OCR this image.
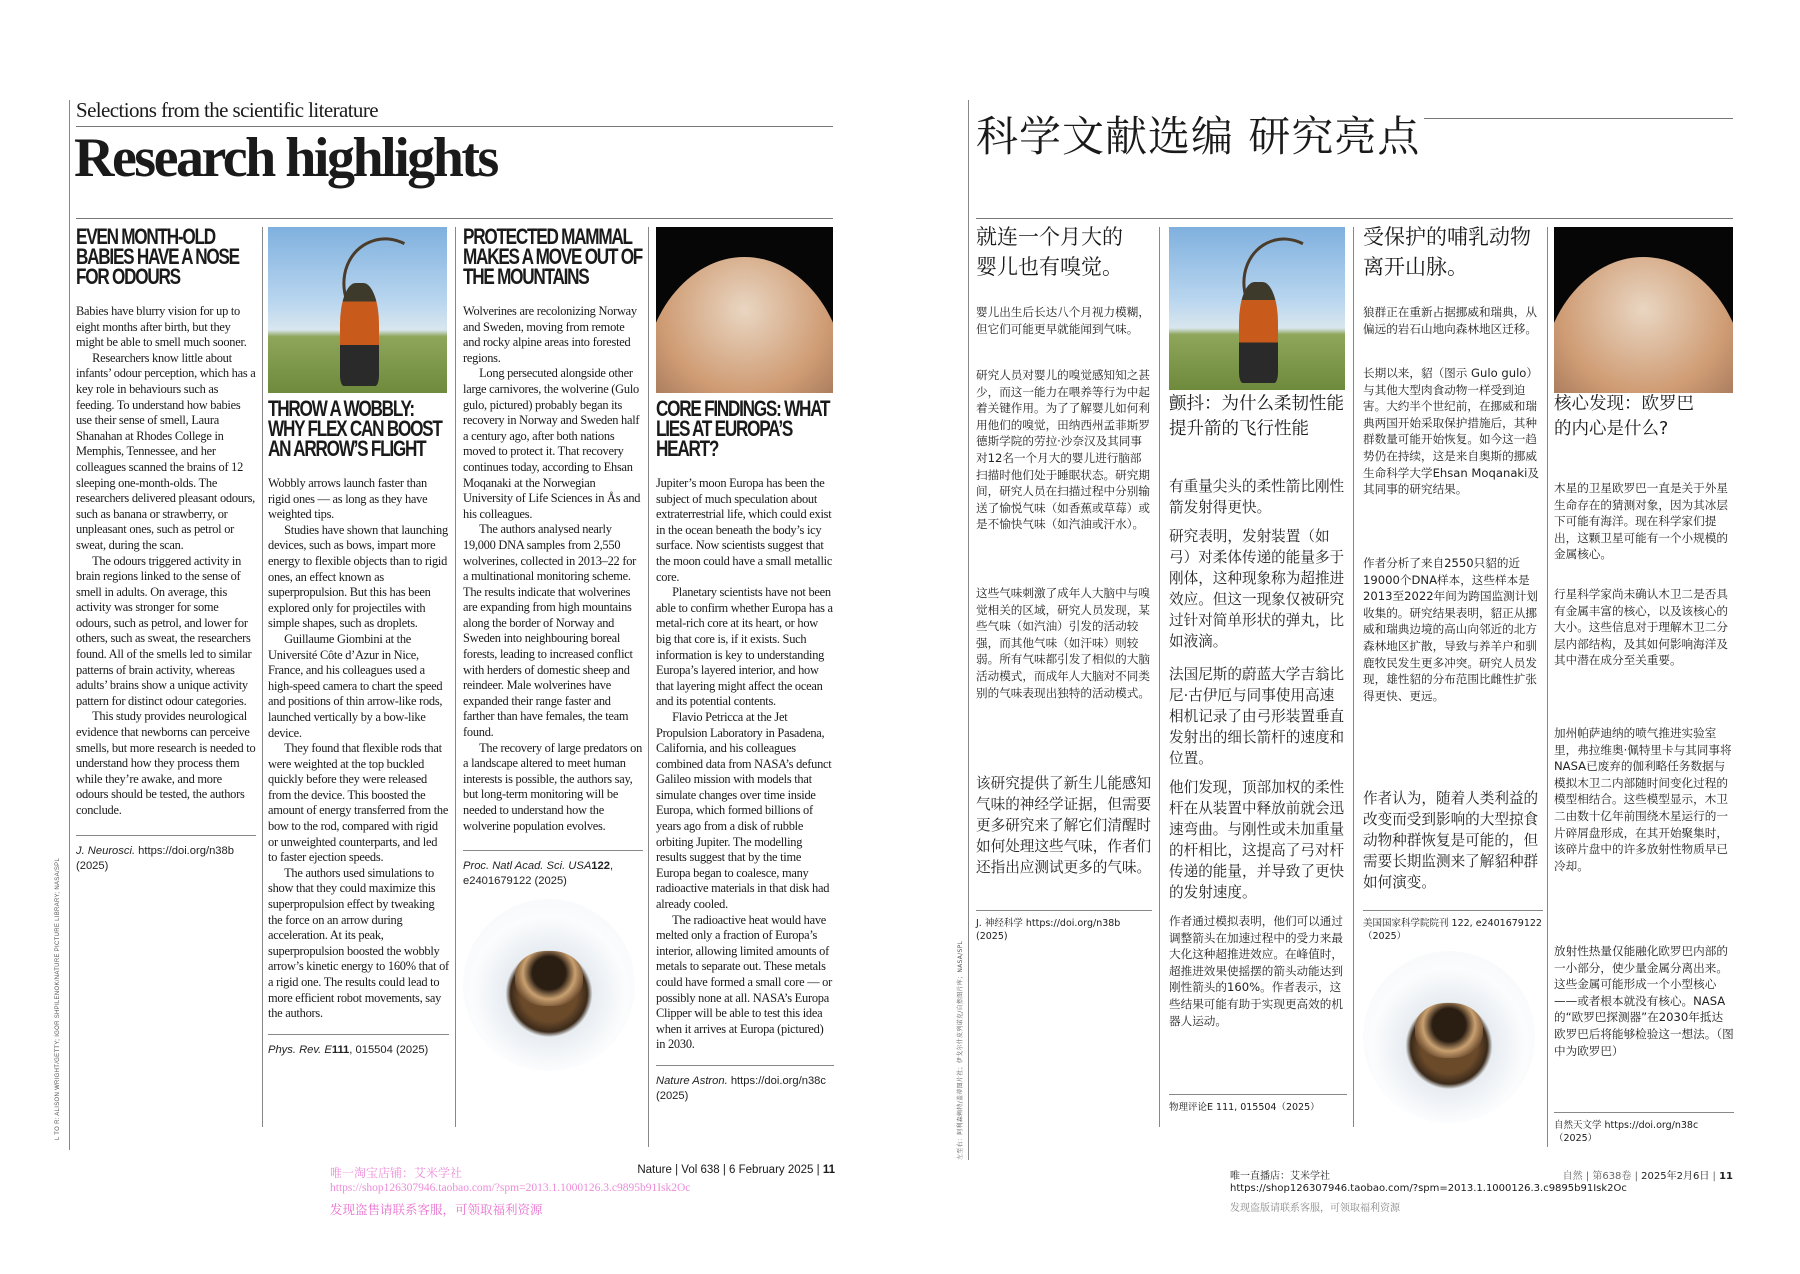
Selections from the scientific literature
Research highlights
L TO R: ALISON WRIGHT/GETTY; IGOR SHPILENOK/NATURE PICTURE LIBRARY; NASA/SPL
EVEN MONTH-OLD BABIES HAVE A NOSE FOR ODOURS

Babies have blurry vision for up to eight months after birth, but they might be able to smell much sooner.

Researchers know little about infants’ odour perception, which has a key role in behaviours such as feeding. To understand how babies use their sense of smell, Laura Shanahan at Rhodes College in Memphis, Tennessee, and her colleagues scanned the brains of 12 sleeping one-month-olds. The researchers delivered pleasant odours, such as banana or strawberry, or unpleasant ones, such as petrol or sweat, during the scan.

The odours triggered activity in brain regions linked to the sense of smell in adults. On average, this activity was stronger for some odours, such as petrol, and lower for others, such as sweat, the researchers found. All of the smells led to similar patterns of brain activity, whereas adults’ brains show a unique activity pattern for distinct odour categories.

This study provides neurological evidence that newborns can perceive smells, but more research is needed to understand how they process them while they’re awake, and more odours should be tested, the authors conclude.

J. Neurosci. https://doi.org/n38b (2025)
THROW A WOBBLY: WHY FLEX CAN BOOST AN ARROW’S FLIGHT

Wobbly arrows launch faster than rigid ones — as long as they have weighted tips.

Studies have shown that launching devices, such as bows, impart more energy to flexible objects than to rigid ones, an effect known as superpropulsion. But this has been explored only for projectiles with simple shapes, such as droplets.

Guillaume Giombini at the Université Côte d’Azur in Nice, France, and his colleagues used a high-speed camera to chart the speed and positions of thin arrow-like rods, launched vertically by a bow-like device.

They found that flexible rods that were weighted at the top buckled quickly before they were released from the device. This boosted the amount of energy transferred from the bow to the rod, compared with rigid or unweighted counterparts, and led to faster ejection speeds.

The authors used simulations to show that they could maximize this superpropulsion effect by tweaking the force on an arrow during acceleration. At its peak, superpropulsion boosted the wobbly arrow’s kinetic energy to 160% that of a rigid one. The results could lead to more efficient robot movements, say the authors.

Phys. Rev. E111, 015504 (2025)
PROTECTED MAMMAL MAKES A MOVE OUT OF THE MOUNTAINS

Wolverines are recolonizing Norway and Sweden, moving from remote and rocky alpine areas into forested regions.

Long persecuted alongside other large carnivores, the wolverine (Gulo gulo, pictured) probably began its recovery in Norway and Sweden half a century ago, after both nations moved to protect it. That recovery continues today, according to Ehsan Moqanaki at the Norwegian University of Life Sciences in Ås and his colleagues.

The authors analysed nearly 19,000 DNA samples from 2,550 wolverines, collected in 2013–22 for a multinational monitoring scheme. The results indicate that wolverines are expanding from high mountains along the border of Norway and Sweden into neighbouring boreal forests, leading to increased conflict with herders of domestic sheep and reindeer. Male wolverines have expanded their range faster and farther than have females, the team found.

The recovery of large predators on a landscape altered to meet human interests is possible, the authors say, but long-term monitoring will be needed to understand how the wolverine population evolves.

Proc. Natl Acad. Sci. USA122, e2401679122 (2025)
CORE FINDINGS: WHAT LIES AT EUROPA’S HEART?

Jupiter’s moon Europa has been the subject of much speculation about extraterrestrial life, which could exist in the ocean beneath the body’s icy surface. Now scientists suggest that the moon could have a small metallic core.

Planetary scientists have not been able to confirm whether Europa has a metal-rich core at its heart, or how big that core is, if it exists. Such information is key to understanding Europa’s layered interior, and how that layering might affect the ocean and its potential contents.

Flavio Petricca at the Jet Propulsion Laboratory in Pasadena, California, and his colleagues combined data from NASA’s defunct Galileo mission with models that simulate changes over time inside Europa, which formed billions of years ago from a disk of rubble orbiting Jupiter. The modelling results suggest that by the time Europa began to coalesce, many radioactive materials in that disk had already cooled.

The radioactive heat would have melted only a fraction of Europa’s interior, allowing limited amounts of metals to separate out. These metals could have formed a small core — or possibly none at all. NASA’s Europa Clipper will be able to test this idea when it arrives at Europa (pictured) in 2030.

Nature Astron. https://doi.org/n38c (2025)
唯一淘宝店铺：艾米学社
https://shop126307946.taobao.com/?spm=2013.1.1000126.3.c9895b91Isk2Oc
发现盗售请联系客服，可领取福利资源
Nature | Vol 638 | 6 February 2025 | 11
科学文献选编 研究亮点
左至右：阿利森赖特/盖蒂图片社；伊戈尔什皮列诺克/自然图片库；NASA/SPL
就连一个月大的婴儿也有嗅觉。
婴儿出生后长达八个月视力模糊，但它们可能更早就能闻到气味。
研究人员对婴儿的嗅觉感知知之甚少，而这一能力在喂养等行为中起着关键作用。为了了解婴儿如何利用他们的嗅觉，田纳西州孟菲斯罗德斯学院的劳拉·沙奈汉及其同事对12名一个月大的婴儿进行脑部扫描时他们处于睡眠状态。研究期间，研究人员在扫描过程中分别输送了愉悦气味（如香蕉或草莓）或是不愉快气味（如汽油或汗水）。
这些气味刺激了成年人大脑中与嗅觉相关的区域，研究人员发现，某些气味（如汽油）引发的活动较强，而其他气味（如汗味）则较弱。所有气味都引发了相似的大脑活动模式，而成年人大脑对不同类别的气味表现出独特的活动模式。
该研究提供了新生儿能感知气味的神经学证据，但需要更多研究来了解它们清醒时如何处理这些气味，作者们还指出应测试更多的气味。
J. 神经科学 https://doi.org/n38b (2025)
颤抖：为什么柔韧性能提升箭的飞行性能
有重量尖头的柔性箭比刚性箭发射得更快。
研究表明，发射装置（如弓）对柔体传递的能量多于刚体，这种现象称为超推进效应。但这一现象仅被研究过针对简单形状的弹丸，比如液滴。
法国尼斯的蔚蓝大学吉翁比尼·古伊厄与同事使用高速相机记录了由弓形装置垂直发射出的细长箭杆的速度和位置。
他们发现，顶部加权的柔性杆在从装置中释放前就会迅速弯曲。与刚性或未加重量的杆相比，这提高了弓对杆传递的能量，并导致了更快的发射速度。
作者通过模拟表明，他们可以通过调整箭头在加速过程中的受力来最大化这种超推进效应。在峰值时，超推进效果使摇摆的箭头动能达到刚性箭头的160%。作者表示，这些结果可能有助于实现更高效的机器人运动。
物理评论E 111, 015504（2025）
受保护的哺乳动物离开山脉。
狼群正在重新占据挪威和瑞典，从偏远的岩石山地向森林地区迁移。
长期以来，貂（图示 Gulo gulo）与其他大型肉食动物一样受到迫害。大约半个世纪前，在挪威和瑞典两国开始采取保护措施后，其种群数量可能开始恢复。如今这一趋势仍在持续，这是来自奥斯的挪威生命科学大学Ehsan Moqanaki及其同事的研究结果。
作者分析了来自2550只貂的近19000个DNA样本，这些样本是2013至2022年间为跨国监测计划收集的。研究结果表明，貂正从挪威和瑞典边境的高山向邻近的北方森林地区扩散，导致与养羊户和驯鹿牧民发生更多冲突。研究人员发现，雄性貂的分布范围比雌性扩张得更快、更远。
作者认为，随着人类利益的改变而受到影响的大型掠食动物种群恢复是可能的，但需要长期监测来了解貂种群如何演变。
美国国家科学院院刊 122, e2401679122（2025）
核心发现：欧罗巴的内心是什么?
木星的卫星欧罗巴一直是关于外星生命存在的猜测对象，因为其冰层下可能有海洋。现在科学家们提出，这颗卫星可能有一个小规模的金属核心。
行星科学家尚未确认木卫二是否具有金属丰富的核心，以及该核心的大小。这些信息对于理解木卫二分层内部结构，及其如何影响海洋及其中潜在成分至关重要。
加州帕萨迪纳的喷气推进实验室里，弗拉维奥·佩特里卡与其同事将NASA已废弃的伽利略任务数据与模拟木卫二内部随时间变化过程的模型相结合。这些模型显示，木卫二由数十亿年前围绕木星运行的一片碎屑盘形成，在其开始聚集时，该碎片盘中的许多放射性物质早已冷却。
放射性热量仅能融化欧罗巴内部的一小部分，使少量金属分离出来。这些金属可能形成一个小型核心——或者根本就没有核心。NASA的“欧罗巴探测器”在2030年抵达欧罗巴后将能够检验这一想法。（图中为欧罗巴）
自然天文学 https://doi.org/n38c（2025）
唯一直播店：艾米学社
https://shop126307946.taobao.com/?spm=2013.1.1000126.3.c9895b91Isk2Oc
发现盗版请联系客服，可领取福利资源
自然 | 第638卷 | 2025年2月6日 | 11
